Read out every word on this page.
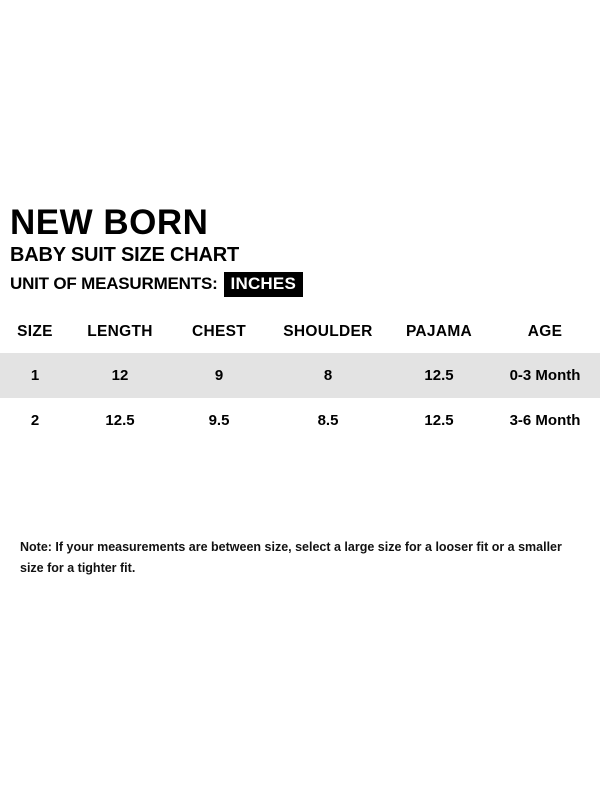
NEW BORN
BABY SUIT SIZE CHART
UNIT OF MEASURMENTS: INCHES
SIZE	LENGTH	CHEST	SHOULDER	PAJAMA	AGE
1	12	9	8	12.5	0-3 Month
2	12.5	9.5	8.5	12.5	3-6 Month
Note: If your measurements are between size, select a large size for a looser fit or a smaller size for a tighter fit.
